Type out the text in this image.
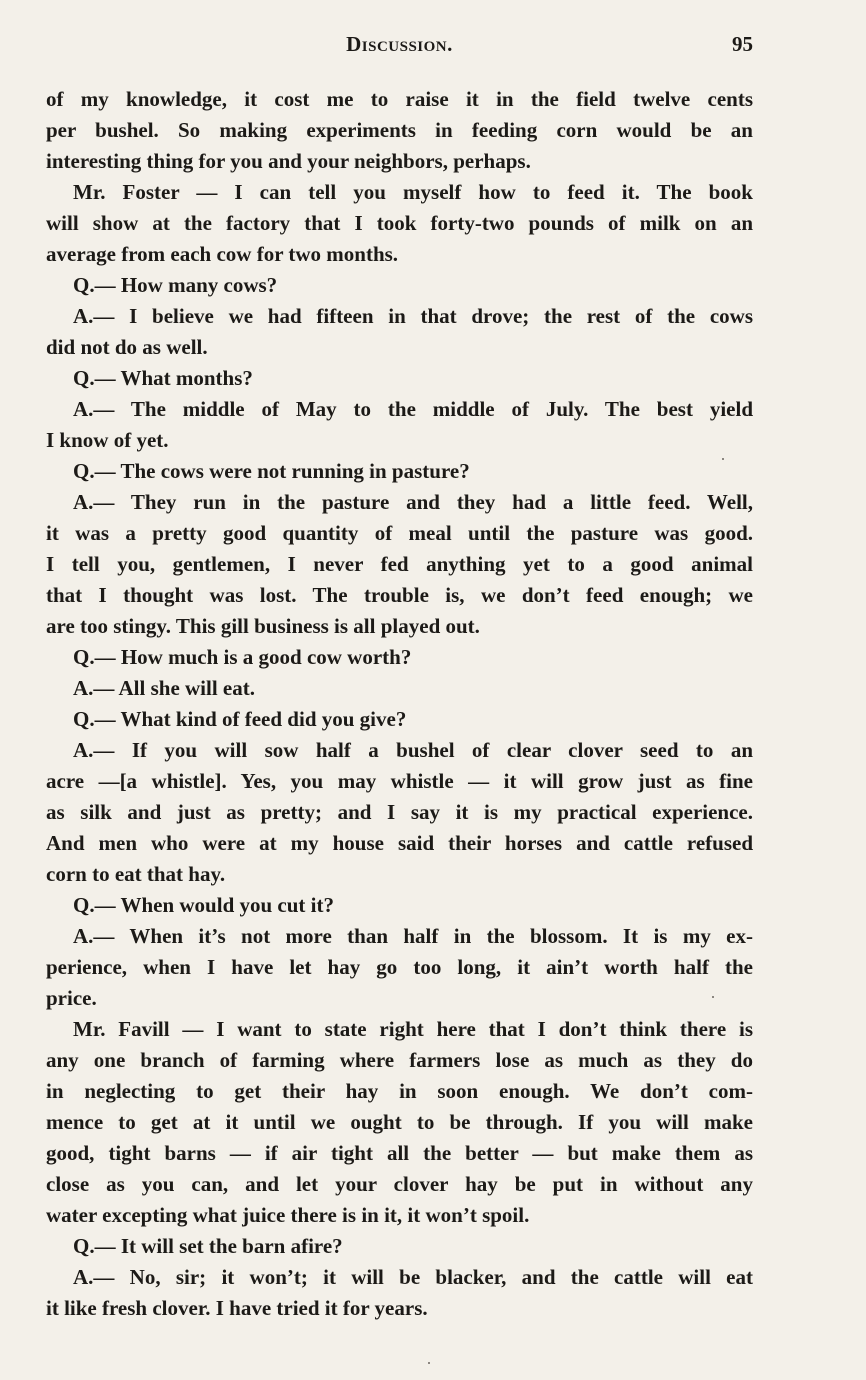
Discussion.	95
of my knowledge, it cost me to raise it in the field twelve cents
per bushel. So making experiments in feeding corn would be an
interesting thing for you and your neighbors, perhaps.
Mr. Foster — I can tell you myself how to feed it. The book
will show at the factory that I took forty-two pounds of milk on an
average from each cow for two months.
Q.— How many cows?
A.— I believe we had fifteen in that drove; the rest of the cows
did not do as well.
Q.— What months?
A.— The middle of May to the middle of July. The best yield
I know of yet.
Q.— The cows were not running in pasture?
A.— They run in the pasture and they had a little feed. Well,
it was a pretty good quantity of meal until the pasture was good.
I tell you, gentlemen, I never fed anything yet to a good animal
that I thought was lost. The trouble is, we don’t feed enough; we
are too stingy. This gill business is all played out.
Q.— How much is a good cow worth?
A.— All she will eat.
Q.— What kind of feed did you give?
A.— If you will sow half a bushel of clear clover seed to an
acre —[a whistle]. Yes, you may whistle — it will grow just as fine
as silk and just as pretty; and I say it is my practical experience.
And men who were at my house said their horses and cattle refused
corn to eat that hay.
Q.— When would you cut it?
A.— When it’s not more than half in the blossom. It is my ex-
perience, when I have let hay go too long, it ain’t worth half the
price.
Mr. Favill — I want to state right here that I don’t think there is
any one branch of farming where farmers lose as much as they do
in neglecting to get their hay in soon enough. We don’t com-
mence to get at it until we ought to be through. If you will make
good, tight barns — if air tight all the better — but make them as
close as you can, and let your clover hay be put in without any
water excepting what juice there is in it, it won’t spoil.
Q.— It will set the barn afire?
A.— No, sir; it won’t; it will be blacker, and the cattle will eat
it like fresh clover. I have tried it for years.
